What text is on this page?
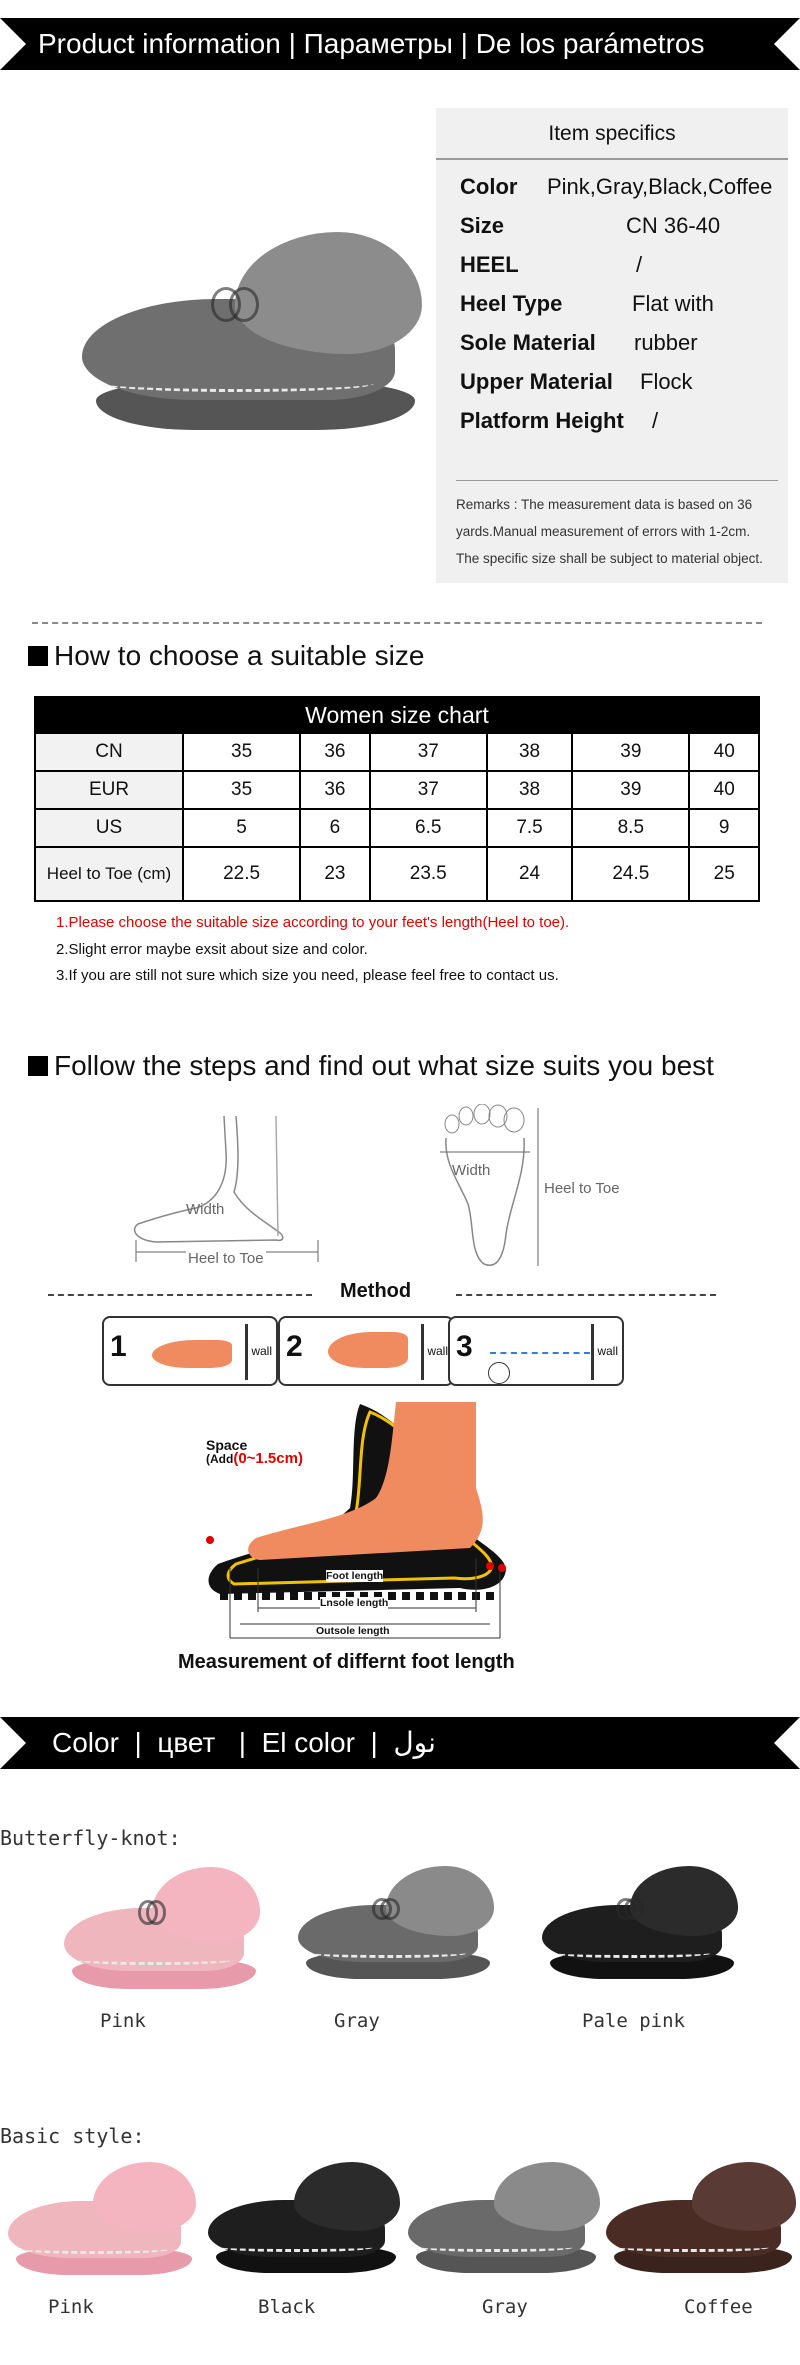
Product information | Параметры | De los parámetros
Item specifics
Color Pink,Gray,Black,Coffee
Size	CN 36-40
HEEL	/
Heel Type	Flat with
Sole Material rubber
Upper Material Flock
Platform Height /
Remarks : The measurement data is based on 36
yards.Manual measurement of errors with 1-2cm.
The specific size shall be subject to material object.
How to choose a suitable size
Women size chart						
CN	35	36	37	38	39	40
EUR	35	36	37	38	39	40
US	5	6	6.5	7.5	8.5	9
Heel to Toe (cm)	22.5	23	23.5	24	24.5	25
1.Please choose the suitable size according to your feet's length(Heel to toe).
2.Slight error maybe exsit about size and color.
3.If you are still not sure which size you need, please feel free to contact us.
Follow the steps and find out what size suits you best
Width
Heel to Toe
Width
Heel to Toe
Method
1	wall 2	wall 3	wall
Space
(Add(0~1.5cm)
Foot length
Lnsole length
Outsole length
Measurement of differnt foot length
Color  |  цвет   |  El color  |  نول
Butterfly-knot:
Pink	Gray	Pale pink
Basic style:
Pink	Black	Gray	Coffee
